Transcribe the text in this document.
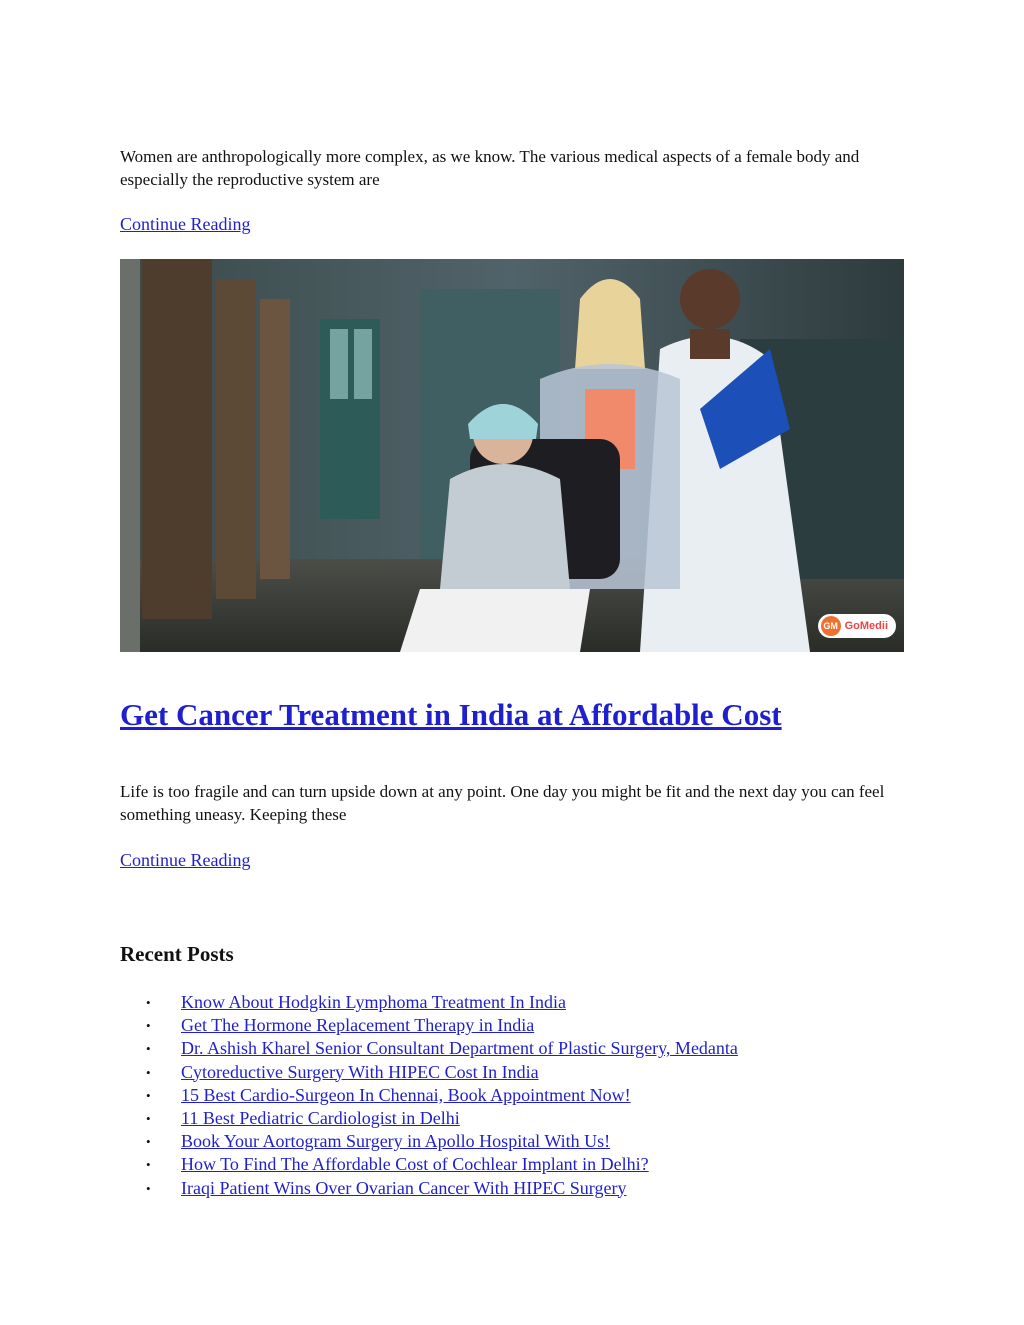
Women are anthropologically more complex, as we know. The various medical aspects of a female body and especially the reproductive system are

Continue Reading
GM GoMedii
Get Cancer Treatment in India at Affordable Cost

Life is too fragile and can turn upside down at any point. One day you might be fit and the next day you can feel something uneasy. Keeping these

Continue Reading
Recent Posts
• Know About Hodgkin Lymphoma Treatment In India
• Get The Hormone Replacement Therapy in India
• Dr. Ashish Kharel Senior Consultant Department of Plastic Surgery, Medanta
• Cytoreductive Surgery With HIPEC Cost In India
• 15 Best Cardio-Surgeon In Chennai, Book Appointment Now!
• 11 Best Pediatric Cardiologist in Delhi
• Book Your Aortogram Surgery in Apollo Hospital With Us!
• How To Find The Affordable Cost of Cochlear Implant in Delhi?
• Iraqi Patient Wins Over Ovarian Cancer With HIPEC Surgery
